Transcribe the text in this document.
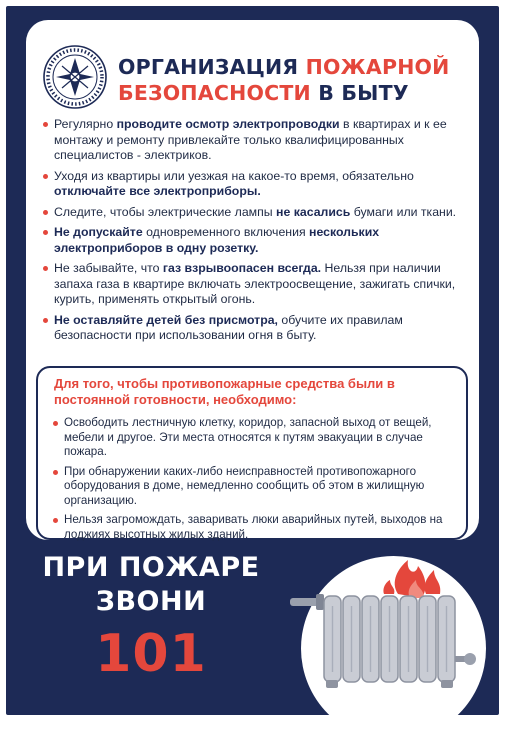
ОРГАНИЗАЦИЯ ПОЖАРНОЙ
БЕЗОПАСНОСТИ В БЫТУ
Регулярно проводите осмотр электропроводки в квартирах и к ее монтажу и ремонту привлекайте только квалифицированных специалистов - электриков.
Уходя из квартиры или уезжая на какое-то время, обязательно отключайте все электроприборы.
Следите, чтобы электрические лампы не касались бумаги или ткани.
Не допускайте одновременного включения нескольких электроприборов в одну розетку.
Не забывайте, что газ взрывоопасен всегда. Нельзя при наличии запаха газа в квартире включать электроосвещение, зажигать спички, курить, применять открытый огонь.
Не оставляйте детей без присмотра, обучите их правилам безопасности при использовании огня в быту.
Для того, чтобы противопожарные средства были в постоянной готовности, необходимо:
Освободить лестничную клетку, коридор, запасной выход от вещей, мебели и другое. Эти места относятся к путям эвакуации в случае пожара.
При обнаружении каких-либо неисправностей противопожарного оборудования в доме, немедленно сообщить об этом в жилищную организацию.
Нельзя загромождать, заваривать люки аварийных путей, выходов на лоджиях высотных жилых зданий.
ПРИ ПОЖАРЕ
ЗВОНИ
101
